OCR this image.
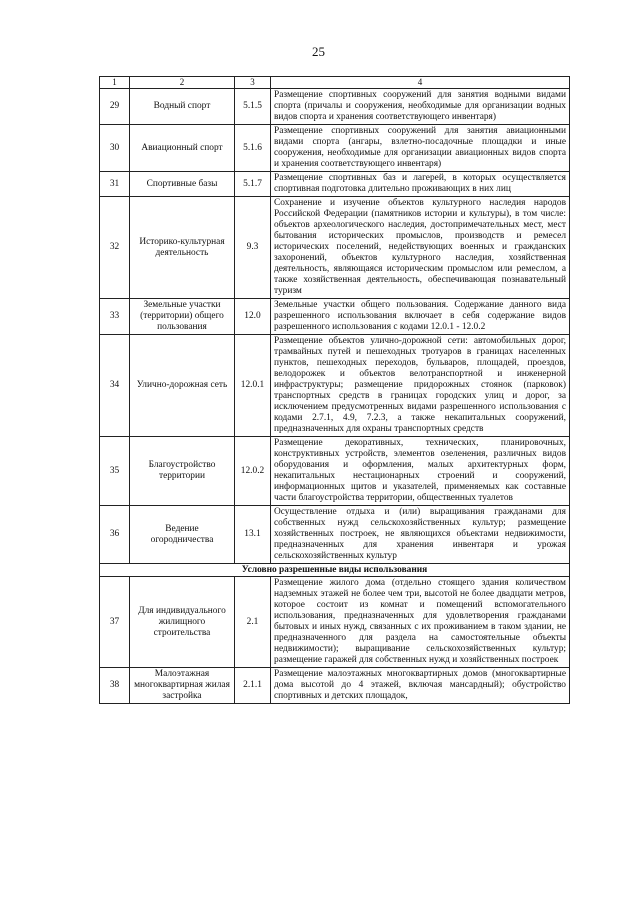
25
1	2	3	4
29	Водный спорт	5.1.5	Размещение спортивных сооружений для занятия водными видами спорта (причалы и сооружения, необходимые для организации водных видов спорта и хранения соответствующего инвентаря)
30	Авиационный спорт	5.1.6	Размещение спортивных сооружений для занятия авиационными видами спорта (ангары, взлетно-посадочные площадки и иные сооружения, необходимые для организации авиационных видов спорта и хранения соответствующего инвентаря)
31	Спортивные базы	5.1.7	Размещение спортивных баз и лагерей, в которых осуществляется спортивная подготовка длительно проживающих в них лиц
32	Историко-культурная деятельность	9.3	Сохранение и изучение объектов культурного наследия народов Российской Федерации (памятников истории и культуры), в том числе: объектов археологического наследия, достопримечательных мест, мест бытования исторических промыслов, производств и ремесел исторических поселений, недействующих военных и гражданских захоронений, объектов культурного наследия, хозяйственная деятельность, являющаяся историческим промыслом или ремеслом, а также хозяйственная деятельность, обеспечивающая познавательный туризм
33	Земельные участки (территории) общего пользования	12.0	Земельные участки общего пользования. Содержание данного вида разрешенного использования включает в себя содержание видов разрешенного использования с кодами 12.0.1 - 12.0.2
34	Улично-дорожная сеть	12.0.1	Размещение объектов улично-дорожной сети: автомобильных дорог, трамвайных путей и пешеходных тротуаров в границах населенных пунктов, пешеходных переходов, бульваров, площадей, проездов, велодорожек и объектов велотранспортной и инженерной инфраструктуры; размещение придорожных стоянок (парковок) транспортных средств в границах городских улиц и дорог, за исключением предусмотренных видами разрешенного использования с кодами 2.7.1, 4.9, 7.2.3, а также некапитальных сооружений, предназначенных для охраны транспортных средств
35	Благоустройство территории	12.0.2	Размещение декоративных, технических, планировочных, конструктивных устройств, элементов озеленения, различных видов оборудования и оформления, малых архитектурных форм, некапитальных нестационарных строений и сооружений, информационных щитов и указателей, применяемых как составные части благоустройства территории, общественных туалетов
36	Ведение огородничества	13.1	Осуществление отдыха и (или) выращивания гражданами для собственных нужд сельскохозяйственных культур; размещение хозяйственных построек, не являющихся объектами недвижимости, предназначенных для хранения инвентаря и урожая сельскохозяйственных культур
Условно разрешенные виды использования			
37	Для индивидуального жилищного строительства	2.1	Размещение жилого дома (отдельно стоящего здания количеством надземных этажей не более чем три, высотой не более двадцати метров, которое состоит из комнат и помещений вспомогательного использования, предназначенных для удовлетворения гражданами бытовых и иных нужд, связанных с их проживанием в таком здании, не предназначенного для раздела на самостоятельные объекты недвижимости); выращивание сельскохозяйственных культур; размещение гаражей для собственных нужд и хозяйственных построек
38	Малоэтажная многоквартирная жилая застройка	2.1.1	Размещение малоэтажных многоквартирных домов (многоквартирные дома высотой до 4 этажей, включая мансардный); обустройство спортивных и детских площадок,
